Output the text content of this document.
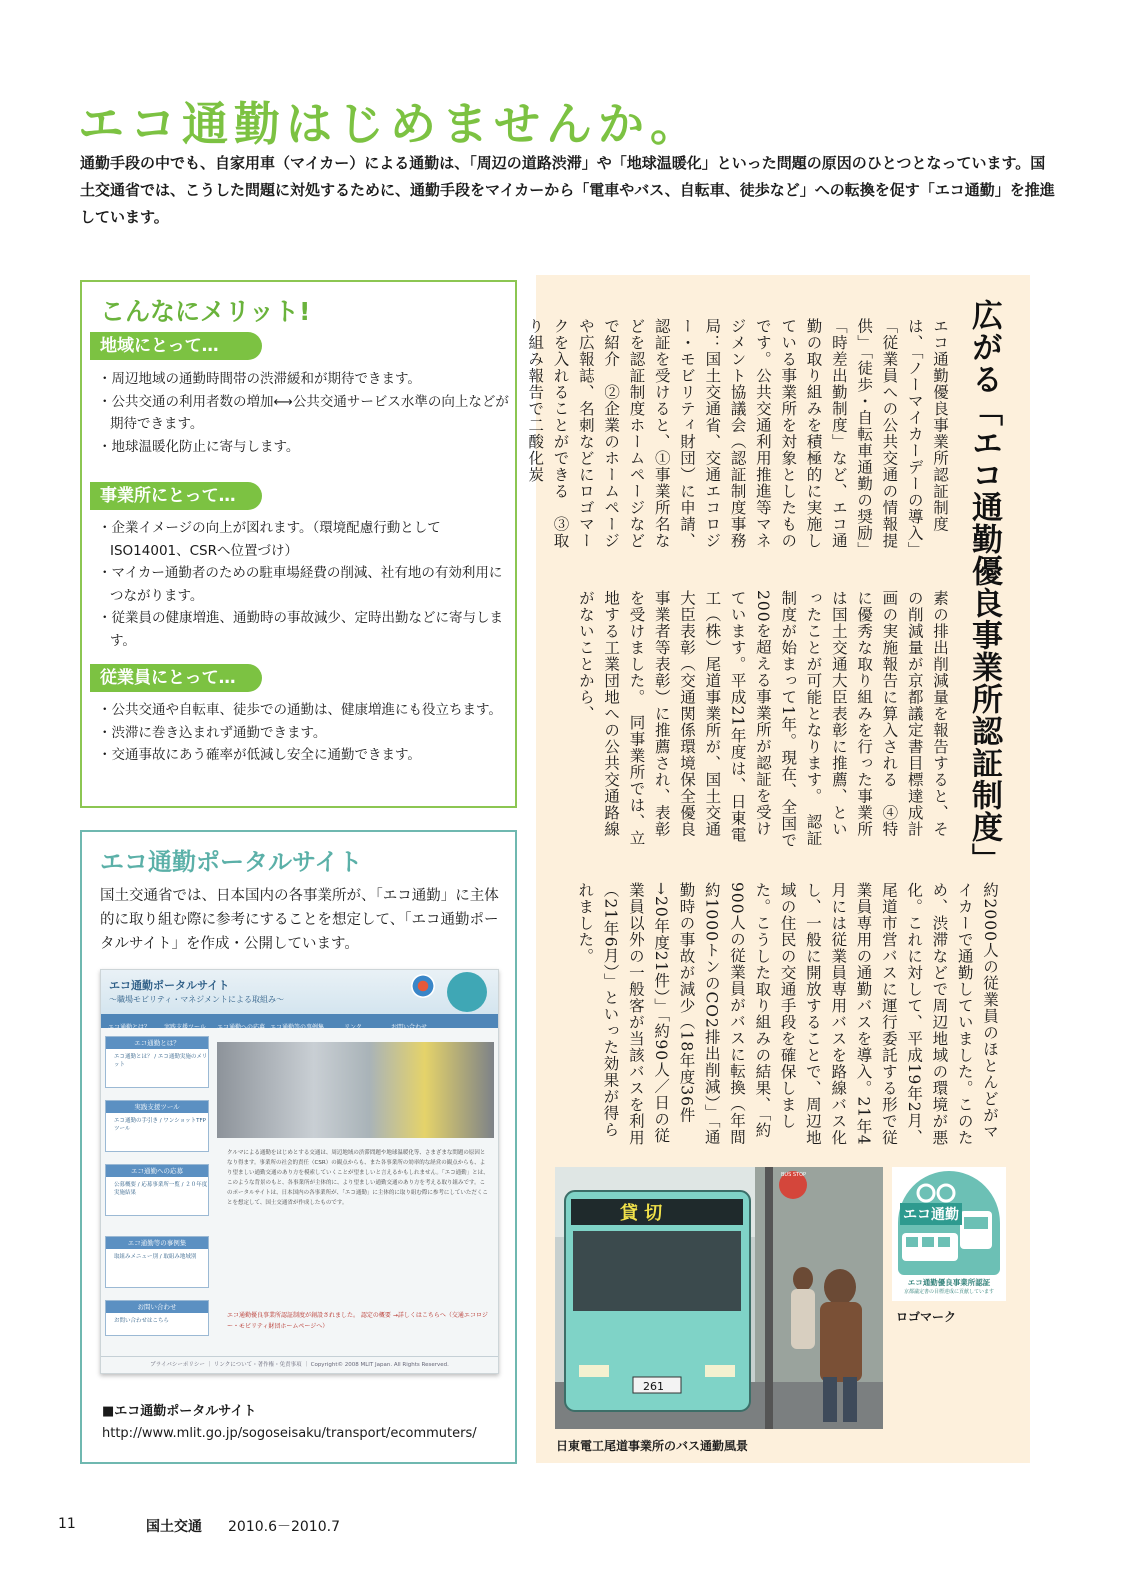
エコ通勤はじめませんか。

通勤手段の中でも、自家用車（マイカー）による通勤は、「周辺の道路渋滞」や「地球温暖化」といった問題の原因のひとつとなっています。国土交通省では、こうした問題に対処するために、通勤手段をマイカーから「電車やバス、自転車、徒歩など」への転換を促す「エコ通勤」を推進しています。

こんなにメリット!
地域にとって…
・ 周辺地域の通勤時間帯の渋滞緩和が期待できます。
・ 公共交通の利用者数の増加⟷公共交通サービス水準の向上などが期待できます。
・ 地球温暖化防止に寄与します。
事業所にとって…
・ 企業イメージの向上が図れます。（環境配慮行動としてISO14001、CSRへ位置づけ）
・ マイカー通勤者のための駐車場経費の削減、社有地の有効利用につながります。
・ 従業員の健康増進、通勤時の事故減少、定時出勤などに寄与します。
従業員にとって…
・ 公共交通や自転車、徒歩での通勤は、健康増進にも役立ちます。
・ 渋滞に巻き込まれず通勤できます。
・ 交通事故にあう確率が低減し安全に通勤できます。
エコ通勤ポータルサイト

国土交通省では、日本国内の各事業所が、「エコ通勤」に主体的に取り組む際に参考にすることを想定して、「エコ通勤ポータルサイト」を作成・公開しています。

エコ通勤ポータルサイト
～職場モビリティ・マネジメントによる取組み～
エコ通勤とは？ 実践支援ツール エコ通勤への応募 エコ通勤等の事例集	リンク	お問い合わせ
エコ通勤とは？
エコ通勤とは？ / エコ通勤実施のメリット
実践支援ツール
エコ通勤の手引き / ワンショットTFPツール
エコ通勤への応募
公募概要 / 応募事業所一覧 / ２０年度実施結果
エコ通勤等の事例集
取組みメニュー別 / 取組み地域別
お問い合わせ
お問い合わせはこちら
クルマによる通勤をはじめとする交通は、周辺地域の渋滞問題や地球温暖化等、さまざまな問題の原因となり得ます。事業所の社会的責任（CSR）の観点からも、また各事業所の効率的な経営の観点からも、より望ましい通勤交通のあり方を模索していくことが望ましいと言えるかもしれません。「エコ通勤」とは、このような背景のもと、各事業所が主体的に、より望ましい通勤交通のあり方を考える取り組みです。このポータルサイトは、日本国内の各事業所が、「エコ通勤」に主体的に取り組む際に参考にしていただくことを想定して、国土交通省が作成したものです。
エコ通勤優良事業所認証制度が創設されました。 認定の概要 →詳しくはこちらへ（交通エコロジー・モビリティ財団ホームページへ）
プライバシーポリシー ｜ リンクについて・著作権・免責事項 ｜ Copyright© 2008 MLIT Japan. All Rights Reserved.

■エコ通勤ポータルサイト

http://www.mlit.go.jp/sogoseisaku/transport/ecommuters/

広がる「エコ通勤優良事業所認証制度」

エコ通勤優良事業所認証制度は、「ノーマイカーデーの導入」「従業員への公共交通の情報提供」「徒歩・自転車通勤の奨励」「時差出勤制度」など、エコ通勤の取り組みを積極的に実施している事業所を対象としたものです。公共交通利用推進等マネジメント協議会（認証制度事務局：国土交通省、交通エコロジー・モビリティ財団）に申請、認証を受けると、①事業所名などを認証制度ホームページなどで紹介　②企業のホームページや広報誌、名刺などにロゴマークを入れることができる　③取り組み報告で二酸化炭

素の排出削減量を報告すると、その削減量が京都議定書目標達成計画の実施報告に算入される　④特に優秀な取り組みを行った事業所は国土交通大臣表彰に推薦、といったことが可能となります。　認証制度が始まって1年。現在、全国で200を超える事業所が認証を受けています。平成21年度は、日東電工（株）尾道事業所が、国土交通大臣表彰（交通関係環境保全優良事業者等表彰）に推薦され、表彰を受けました。　同事業所では、立地する工業団地への公共交通路線がないことから、

約2000人の従業員のほとんどがマイカーで通勤していました。このため、渋滞などで周辺地域の環境が悪化。これに対して、平成19年2月、尾道市営バスに運行委託する形で従業員専用の通勤バスを導入。21年4月には従業員専用バスを路線バス化し、一般に開放することで、周辺地域の住民の交通手段を確保しました。こうした取り組みの結果、「約900人の従業員がバスに転換（年間約1000トンのCO2排出削減）」「通勤時の事故が減少（18年度36件→20年度21件）」「約90人／日の従業員以外の一般客が当該バスを利用（21年6月）」といった効果が得られました。

貸 切
261
BUS STOP

日東電工尾道事業所のバス通勤風景

エコ通勤
エコ通勤優良事業所認証
京都議定書の目標達成に貢献しています

ロゴマーク

11	国土交通 2010.6－2010.7
